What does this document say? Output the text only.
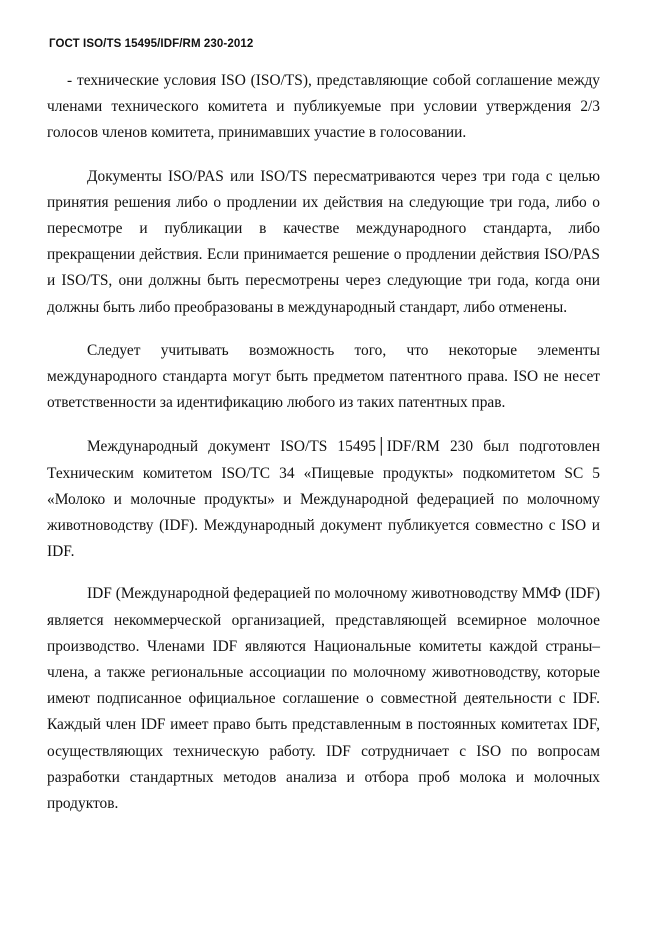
ГОСТ ISO/TS 15495/IDF/RM 230-2012

- технические условия ISO (ISO/TS), представляющие собой соглашение между членами технического комитета и публикуемые при условии утверждения 2/3 голосов членов комитета, принимавших участие в голосовании.

Документы ISO/PAS или ISO/TS пересматриваются через три года с целью принятия решения либо о продлении их действия на следующие три года, либо о пересмотре и публикации в качестве международного стандарта, либо прекращении действия. Если принимается решение о продлении действия ISO/PAS и ISO/TS, они должны быть пересмотрены через следующие три года, когда они должны быть либо преобразованы в международный стандарт, либо отменены.

Следует учитывать возможность того, что некоторые элементы международного стандарта могут быть предметом патентного права. ISO не несет ответственности за идентификацию любого из таких патентных прав.

Международный документ ISO/TS 15495│IDF/RM 230 был подготовлен Техническим комитетом ISO/TC 34 «Пищевые продукты» подкомитетом SC 5 «Молоко и молочные продукты» и Международной федерацией по молочному животноводству (IDF). Международный документ публикуется совместно с ISO и IDF.

IDF (Международной федерацией по молочному животноводству ММФ (IDF) является некоммерческой организацией, представляющей всемирное молочное производство. Членами IDF являются Национальные комитеты каждой страны–члена, а также региональные ассоциации по молочному животноводству, которые имеют подписанное официальное соглашение о совместной деятельности с IDF. Каждый член IDF имеет право быть представленным в постоянных комитетах IDF, осуществляющих техническую работу. IDF сотрудничает с ISO по вопросам разработки стандартных методов анализа и отбора проб молока и молочных продуктов.
